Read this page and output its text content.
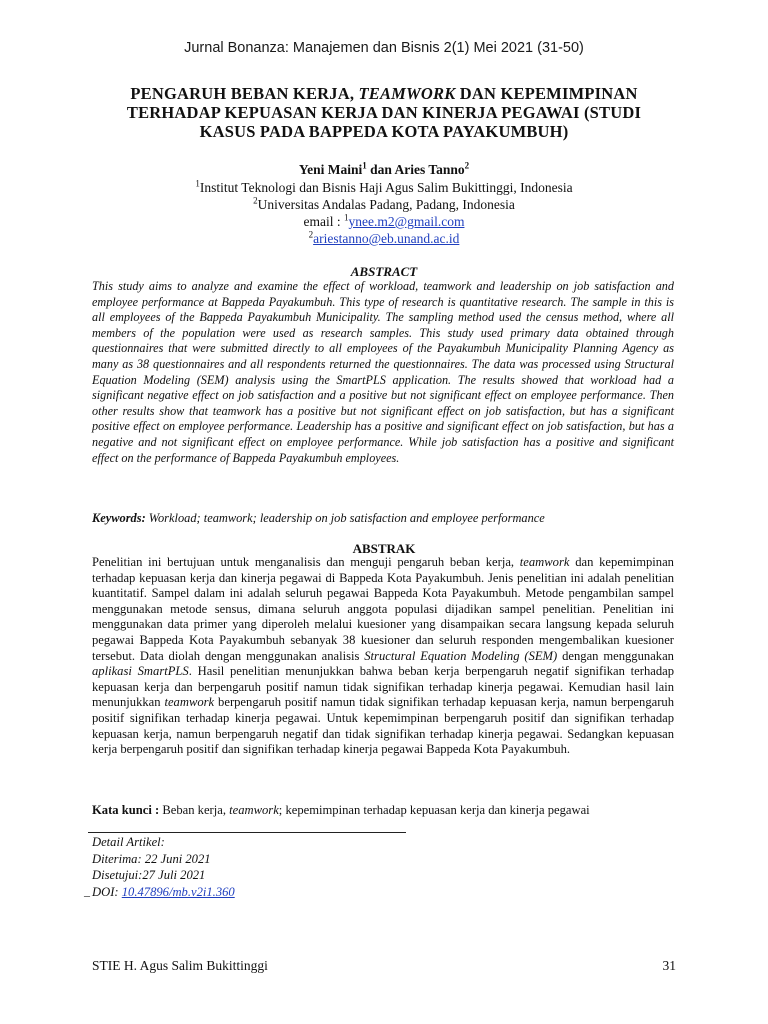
Jurnal Bonanza: Manajemen dan Bisnis 2(1) Mei 2021 (31-50)
PENGARUH BEBAN KERJA, TEAMWORK DAN KEPEMIMPINAN
TERHADAP KEPUASAN KERJA DAN KINERJA PEGAWAI (STUDI
KASUS PADA BAPPEDA KOTA PAYAKUMBUH)
Yeni Maini$^1$ dan Aries Tanno$^2$
$^1$Institut Teknologi dan Bisnis Haji Agus Salim Bukittinggi, Indonesia
$^2$Universitas Andalas Padang, Padang, Indonesia
email : $^1$ynee.m2@gmail.com
$^2$ariestanno@eb.unand.ac.id
ABSTRACT
This study aims to analyze and examine the effect of workload, teamwork and leadership on job satisfaction and employee performance at Bappeda Payakumbuh. This type of research is quantitative research. The sample in this is all employees of the Bappeda Payakumbuh Municipality. The sampling method used the census method, where all members of the population were used as research samples. This study used primary data obtained through questionnaires that were submitted directly to all employees of the Payakumbuh Municipality Planning Agency as many as 38 questionnaires and all respondents returned the questionnaires. The data was processed using Structural Equation Modeling (SEM) analysis using the SmartPLS application. The results showed that workload had a significant negative effect on job satisfaction and a positive but not significant effect on employee performance. Then other results show that teamwork has a positive but not significant effect on job satisfaction, but has a significant positive effect on employee performance. Leadership has a positive and significant effect on job satisfaction, but has a negative and not significant effect on employee performance. While job satisfaction has a positive and significant effect on the performance of Bappeda Payakumbuh employees.
Keywords: Workload; teamwork; leadership on job satisfaction and employee performance
ABSTRAK
Penelitian ini bertujuan untuk menganalisis dan menguji pengaruh beban kerja, teamwork dan kepemimpinan terhadap kepuasan kerja dan kinerja pegawai di Bappeda Kota Payakumbuh. Jenis penelitian ini adalah penelitian kuantitatif. Sampel dalam ini adalah seluruh pegawai Bappeda Kota Payakumbuh. Metode pengambilan sampel menggunakan metode sensus, dimana seluruh anggota populasi dijadikan sampel penelitian. Penelitian ini menggunakan data primer yang diperoleh melalui kuesioner yang disampaikan secara langsung kepada seluruh pegawai Bappeda Kota Payakumbuh sebanyak 38 kuesioner dan seluruh responden mengembalikan kuesioner tersebut. Data diolah dengan menggunakan analisis Structural Equation Modeling (SEM) dengan menggunakan aplikasi SmartPLS. Hasil penelitian menunjukkan bahwa beban kerja berpengaruh negatif signifikan terhadap kepuasan kerja dan berpengaruh positif namun tidak signifikan terhadap kinerja pegawai. Kemudian hasil lain menunjukkan teamwork berpengaruh positif namun tidak signifikan terhadap kepuasan kerja, namun berpengaruh positif signifikan terhadap kinerja pegawai. Untuk kepemimpinan berpengaruh positif dan signifikan terhadap kepuasan kerja, namun berpengaruh negatif dan tidak signifikan terhadap kinerja pegawai. Sedangkan kepuasan kerja berpengaruh positif dan signifikan terhadap kinerja pegawai Bappeda Kota Payakumbuh.
Kata kunci : Beban kerja, teamwork; kepemimpinan terhadap kepuasan kerja dan kinerja pegawai
Detail Artikel:
Diterima: 22 Juni 2021
Disetujui:27 Juli 2021
DOI: 10.47896/mb.v2i1.360
–
STIE H. Agus Salim Bukittinggi	31
